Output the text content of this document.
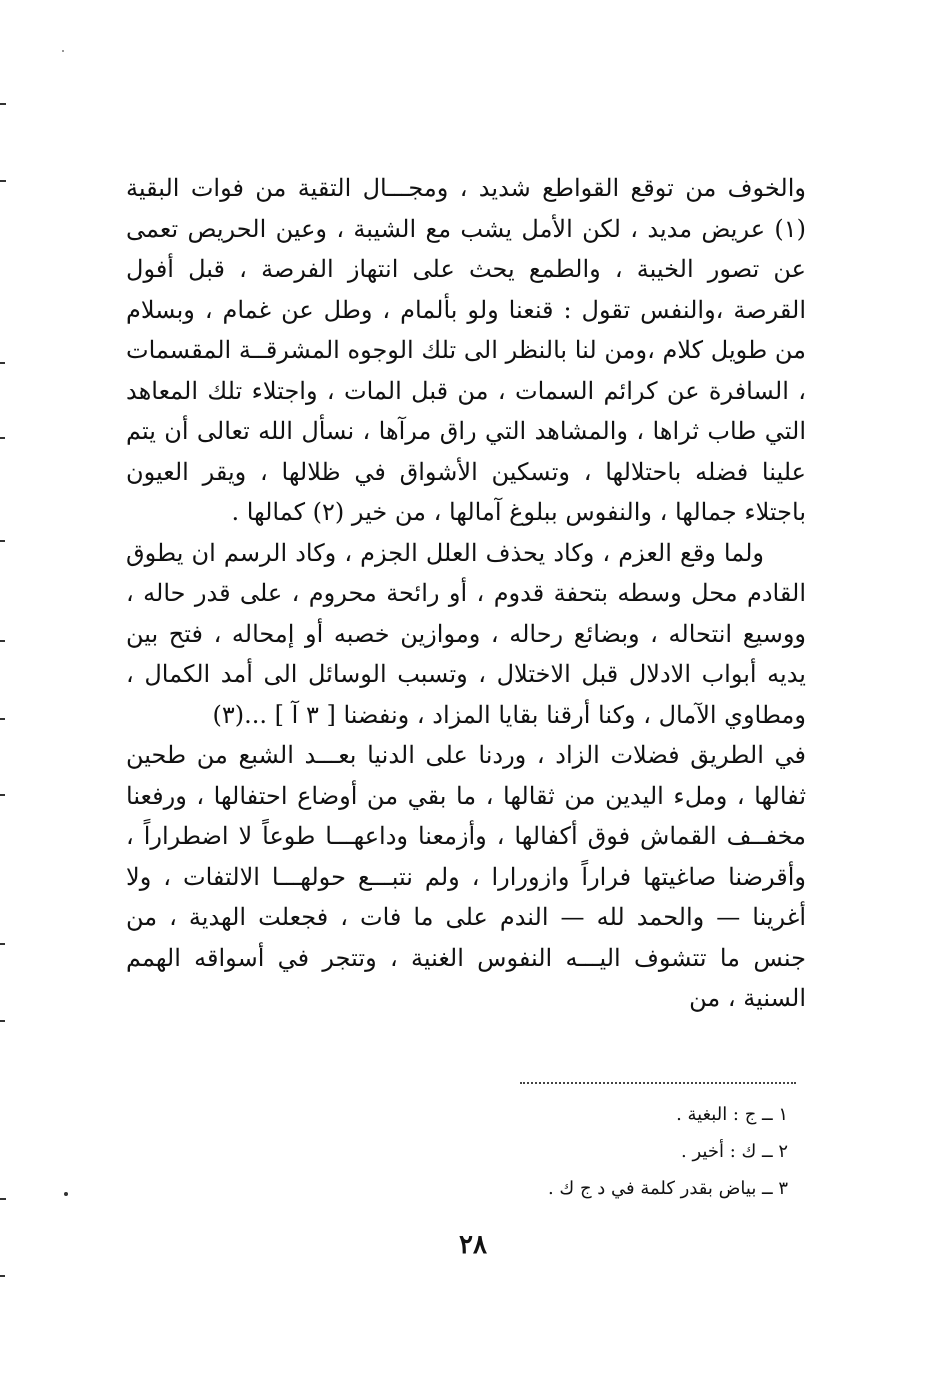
والخوف من توقع القواطع شديد ، ومجـــال التقية من فوات البقية (١) عريض مديد ، لكن الأمل يشب مع الشيبة ، وعين الحريص تعمى عن تصور الخيبة ، والطمع يحث على انتهاز الفرصة ، قبل أفول القرصة ،والنفس تقول : قنعنا ولو بألمام ، وطل عن غمام ، وبسلام من طويل كلام ،ومن لنا بالنظر الى تلك الوجوه المشرقــة المقسمات ، السافرة عن كرائم السمات ، من قبل المات ، واجتلاء تلك المعاهد التي طاب ثراها ، والمشاهد التي راق مرآها ، نسأل الله تعالى أن يتم علينا فضله باحتلالها ، وتسكين الأشواق في ظلالها ، ويقر العيون باجتلاء جمالها ، والنفوس ببلوغ آمالها ، من خير (٢) كمالها .

ولما وقع العزم ، وكاد يحذف العلل الجزم ، وكاد الرسم ان يطوق القادم محل وسطه بتحفة قدوم ، أو رائحة محروم ، على قدر حاله ، ووسيع انتحاله ، وبضائع رحاله ، وموازين خصبه أو إمحاله ، فتح بين يديه أبواب الادلال قبل الاختلال ، وتسبب الوسائل الى أمد الكمال ، ومطاوي الآمال ، وكنا أرقنا بقايا المزاد ، ونفضنا [ ٣ آ ] ...(٣)

في الطريق فضلات الزاد ، وردنا على الدنيا بعـــد الشبع من طحين ثفالها ، وملء اليدين من ثقالها ، ما بقي من أوضاع احتفالها ، ورفعنا مخفــف القماش فوق أكفالها ، وأزمعنا وداعهـــا طوعاً لا اضطراراً ، وأقرضنا صاغيتها فراراً وازورارا ، ولم نتبـــع حولهـــا الالتفات ، ولا أغرينا — والحمد لله — الندم على ما فات ، فجعلت الهدية ، من جنس ما تتشوف اليـــه النفوس الغنية ، وتتجر في أسواقه الهمم السنية ، من

١ ــ ج : البغية .
٢ ــ ك : أخير .
٣ ــ بياض بقدر كلمة في د ج ك .
٢٨
